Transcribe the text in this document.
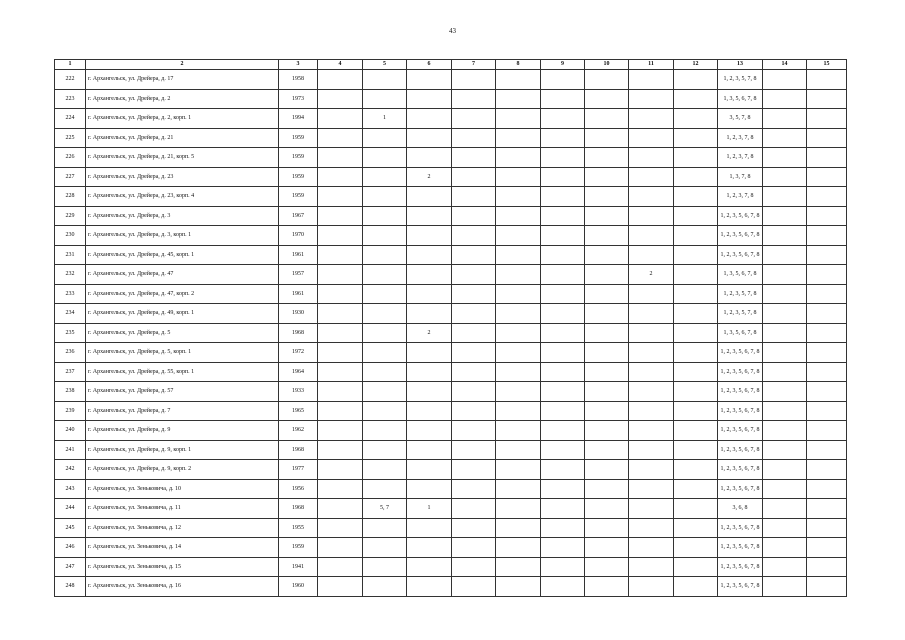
43
1	2	3	4	5	6	7	8	9	10	11	12	13	14	15
222	г. Архангельск, ул. Дрейера, д. 17	1958										1, 2, 3, 5, 7, 8		
223	г. Архангельск, ул. Дрейера, д. 2	1973										1, 3, 5, 6, 7, 8		
224	г. Архангельск, ул. Дрейера, д. 2, корп. 1	1994		1								3, 5, 7, 8		
225	г. Архангельск, ул. Дрейера, д. 21	1959										1, 2, 3, 7, 8		
226	г. Архангельск, ул. Дрейера, д. 21, корп. 5	1959										1, 2, 3, 7, 8		
227	г. Архангельск, ул. Дрейера, д. 23	1959			2							1, 3, 7, 8		
228	г. Архангельск, ул. Дрейера, д. 23, корп. 4	1959										1, 2, 3, 7, 8		
229	г. Архангельск, ул. Дрейера, д. 3	1967										1, 2, 3, 5, 6, 7, 8		
230	г. Архангельск, ул. Дрейера, д. 3, корп. 1	1970										1, 2, 3, 5, 6, 7, 8		
231	г. Архангельск, ул. Дрейера, д. 45, корп. 1	1961										1, 2, 3, 5, 6, 7, 8		
232	г. Архангельск, ул. Дрейера, д. 47	1957								2		1, 3, 5, 6, 7, 8		
233	г. Архангельск, ул. Дрейера, д. 47, корп. 2	1961										1, 2, 3, 5, 7, 8		
234	г. Архангельск, ул. Дрейера, д. 49, корп. 1	1930										1, 2, 3, 5, 7, 8		
235	г. Архангельск, ул. Дрейера, д. 5	1968			2							1, 3, 5, 6, 7, 8		
236	г. Архангельск, ул. Дрейера, д. 5, корп. 1	1972										1, 2, 3, 5, 6, 7, 8		
237	г. Архангельск, ул. Дрейера, д. 55, корп. 1	1964										1, 2, 3, 5, 6, 7, 8		
238	г. Архангельск, ул. Дрейера, д. 57	1933										1, 2, 3, 5, 6, 7, 8		
239	г. Архангельск, ул. Дрейера, д. 7	1965										1, 2, 3, 5, 6, 7, 8		
240	г. Архангельск, ул. Дрейера, д. 9	1962										1, 2, 3, 5, 6, 7, 8		
241	г. Архангельск, ул. Дрейера, д. 9, корп. 1	1968										1, 2, 3, 5, 6, 7, 8		
242	г. Архангельск, ул. Дрейера, д. 9, корп. 2	1977										1, 2, 3, 5, 6, 7, 8		
243	г. Архангельск, ул. Зеньковича, д. 10	1956										1, 2, 3, 5, 6, 7, 8		
244	г. Архангельск, ул. Зеньковича, д. 11	1968		5, 7	1							3, 6, 8		
245	г. Архангельск, ул. Зеньковича, д. 12	1955										1, 2, 3, 5, 6, 7, 8		
246	г. Архангельск, ул. Зеньковича, д. 14	1959										1, 2, 3, 5, 6, 7, 8		
247	г. Архангельск, ул. Зеньковича, д. 15	1941										1, 2, 3, 5, 6, 7, 8		
248	г. Архангельск, ул. Зеньковича, д. 16	1960										1, 2, 3, 5, 6, 7, 8		
